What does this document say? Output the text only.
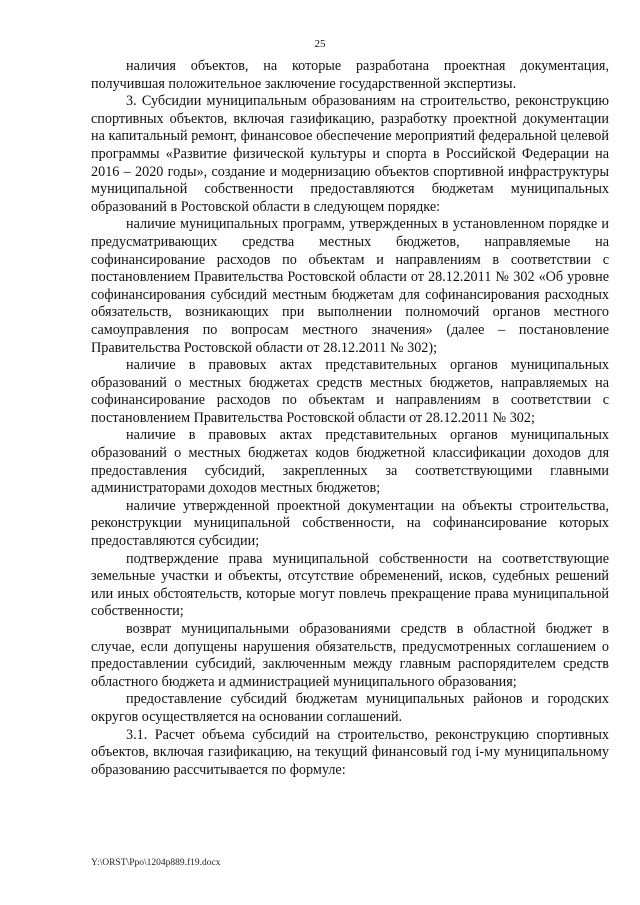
25

наличия объектов, на которые разработана проектная документация, получившая положительное заключение государственной экспертизы.

3. Субсидии муниципальным образованиям на строительство, реконструкцию спортивных объектов, включая газификацию, разработку проектной документации на капитальный ремонт, финансовое обеспечение мероприятий федеральной целевой программы «Развитие физической культуры и спорта в Российской Федерации на 2016 – 2020 годы», создание и модернизацию объектов спортивной инфраструктуры муниципальной собственности предоставляются бюджетам муниципальных образований в Ростовской области в следующем порядке:

наличие муниципальных программ, утвержденных в установленном порядке и предусматривающих средства местных бюджетов, направляемые на софинансирование расходов по объектам и направлениям в соответствии с постановлением Правительства Ростовской области от 28.12.2011 № 302 «Об уровне софинансирования субсидий местным бюджетам для софинансирования расходных обязательств, возникающих при выполнении полномочий органов местного самоуправления по вопросам местного значения» (далее – постановление Правительства Ростовской области от 28.12.2011 № 302);

наличие в правовых актах представительных органов муниципальных образований о местных бюджетах средств местных бюджетов, направляемых на софинансирование расходов по объектам и направлениям в соответствии с постановлением Правительства Ростовской области от 28.12.2011 № 302;

наличие в правовых актах представительных органов муниципальных образований о местных бюджетах кодов бюджетной классификации доходов для предоставления субсидий, закрепленных за соответствующими главными администраторами доходов местных бюджетов;

наличие утвержденной проектной документации на объекты строительства, реконструкции муниципальной собственности, на софинансирование которых предоставляются субсидии;

подтверждение права муниципальной собственности на соответствующие земельные участки и объекты, отсутствие обременений, исков, судебных решений или иных обстоятельств, которые могут повлечь прекращение права муниципальной собственности;

возврат муниципальными образованиями средств в областной бюджет в случае, если допущены нарушения обязательств, предусмотренных соглашением о предоставлении субсидий, заключенным между главным распорядителем средств областного бюджета и администрацией муниципального образования;

предоставление субсидий бюджетам муниципальных районов и городских округов осуществляется на основании соглашений.

3.1. Расчет объема субсидий на строительство, реконструкцию спортивных объектов, включая газификацию, на текущий финансовый год i-му муниципальному образованию рассчитывается по формуле:

Y:\ORST\Ppo\1204p889.f19.docx
